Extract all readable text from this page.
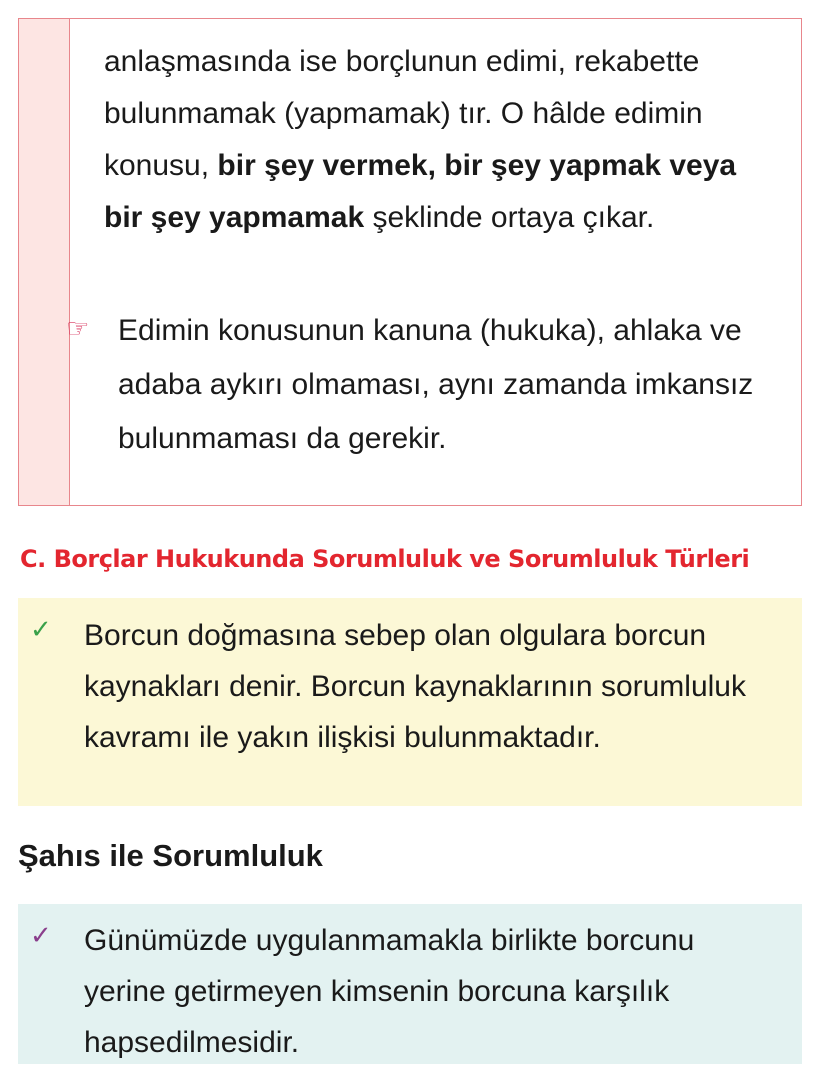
anlaşmasında ise borçlunun edimi, rekabette bulunmamak (yapmamak) tır. O hâlde edimin konusu, bir şey vermek, bir şey yapmak veya bir şey yapmamak şeklinde ortaya çıkar.

☞ Edimin konusunun kanuna (hukuka), ahlaka ve adaba aykırı olmaması, aynı zamanda imkansız bulunmaması da gerekir.

C. Borçlar Hukukunda Sorumluluk ve Sorumluluk Türleri
✓ Borcun doğmasına sebep olan olgulara borcun kaynakları denir. Borcun kaynaklarının sorumluluk kavramı ile yakın ilişkisi bulunmaktadır.

Şahıs ile Sorumluluk
✓ Günümüzde uygulanmamakla birlikte borcunu yerine getirmeyen kimsenin borcuna karşılık hapsedilmesidir.
